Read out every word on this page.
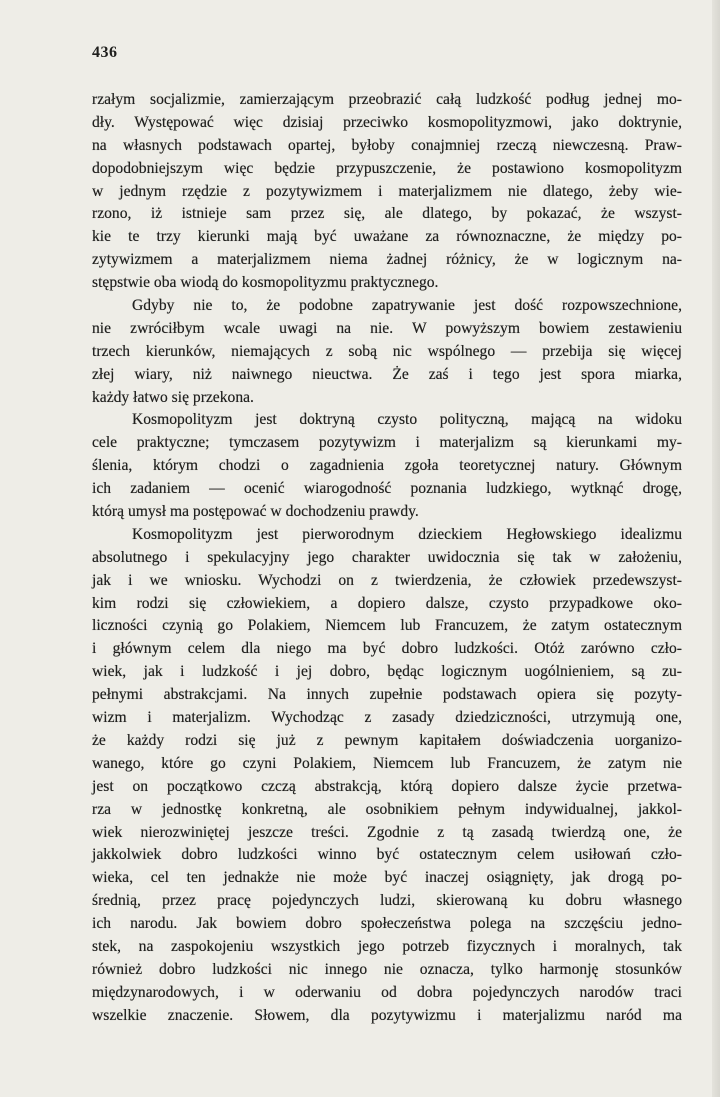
436
rzałym socjalizmie, zamierzającym przeobrazić całą ludzkość podług jednej mo-
dły. Występować więc dzisiaj przeciwko kosmopolityzmowi, jako doktrynie,
na własnych podstawach opartej, byłoby conajmniej rzeczą niewczesną. Praw-
dopodobniejszym więc będzie przypuszczenie, że postawiono kosmopolityzm
w jednym rzędzie z pozytywizmem i materjalizmem nie dlatego, żeby wie-
rzono, iż istnieje sam przez się, ale dlatego, by pokazać, że wszyst-
kie te trzy kierunki mają być uważane za równoznaczne, że między po-
zytywizmem a materjalizmem niema żadnej różnicy, że w logicznym na-
stępstwie oba wiodą do kosmopolityzmu praktycznego.
Gdyby nie to, że podobne zapatrywanie jest dość rozpowszechnione,
nie zwróciłbym wcale uwagi na nie. W powyższym bowiem zestawieniu
trzech kierunków, niemających z sobą nic wspólnego — przebija się więcej
złej wiary, niż naiwnego nieuctwa. Że zaś i tego jest spora miarka,
każdy łatwo się przekona.
Kosmopolityzm jest doktryną czysto polityczną, mającą na widoku
cele praktyczne; tymczasem pozytywizm i materjalizm są kierunkami my-
ślenia, którym chodzi o zagadnienia zgoła teoretycznej natury. Głównym
ich zadaniem — ocenić wiarogodność poznania ludzkiego, wytknąć drogę,
którą umysł ma postępować w dochodzeniu prawdy.
Kosmopolityzm jest pierworodnym dzieckiem Hegłowskiego idealizmu
absolutnego i spekulacyjny jego charakter uwidocznia się tak w założeniu,
jak i we wniosku. Wychodzi on z twierdzenia, że człowiek przedewszyst-
kim rodzi się człowiekiem, a dopiero dalsze, czysto przypadkowe oko-
liczności czynią go Polakiem, Niemcem lub Francuzem, że zatym ostatecznym
i głównym celem dla niego ma być dobro ludzkości. Otóż zarówno czło-
wiek, jak i ludzkość i jej dobro, będąc logicznym uogólnieniem, są zu-
pełnymi abstrakcjami. Na innych zupełnie podstawach opiera się pozyty-
wizm i materjalizm. Wychodząc z zasady dziedziczności, utrzymują one,
że każdy rodzi się już z pewnym kapitałem doświadczenia uorganizo-
wanego, które go czyni Polakiem, Niemcem lub Francuzem, że zatym nie
jest on początkowo czczą abstrakcją, którą dopiero dalsze życie przetwa-
rza w jednostkę konkretną, ale osobnikiem pełnym indywidualnej, jakkol-
wiek nierozwiniętej jeszcze treści. Zgodnie z tą zasadą twierdzą one, że
jakkolwiek dobro ludzkości winno być ostatecznym celem usiłowań czło-
wieka, cel ten jednakże nie może być inaczej osiągnięty, jak drogą po-
średnią, przez pracę pojedynczych ludzi, skierowaną ku dobru własnego
ich narodu. Jak bowiem dobro społeczeństwa polega na szczęściu jedno-
stek, na zaspokojeniu wszystkich jego potrzeb fizycznych i moralnych, tak
również dobro ludzkości nic innego nie oznacza, tylko harmonję stosunków
międzynarodowych, i w oderwaniu od dobra pojedynczych narodów traci
wszelkie znaczenie. Słowem, dla pozytywizmu i materjalizmu naród ma
